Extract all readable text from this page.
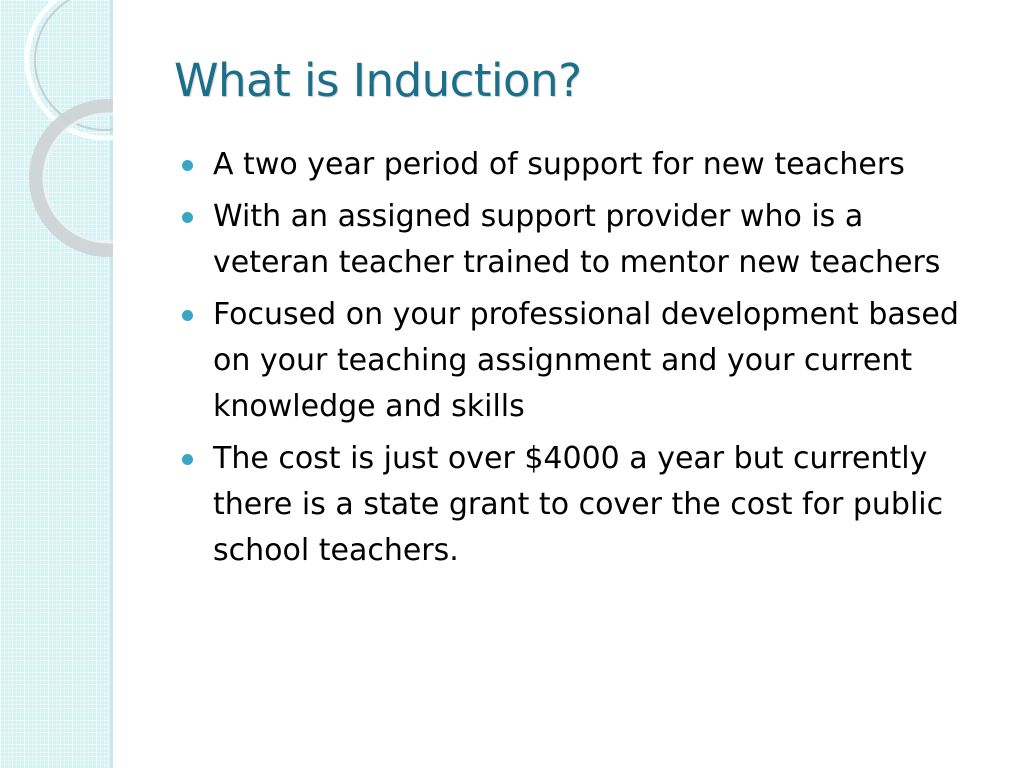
What is Induction?
A two year period of support for new teachers
With an assigned support provider who is a veteran teacher trained to mentor new teachers
Focused on your professional development based on your teaching assignment and your current knowledge and skills
The cost is just over $4000 a year but currently there is a state grant to cover the cost for public school teachers.
